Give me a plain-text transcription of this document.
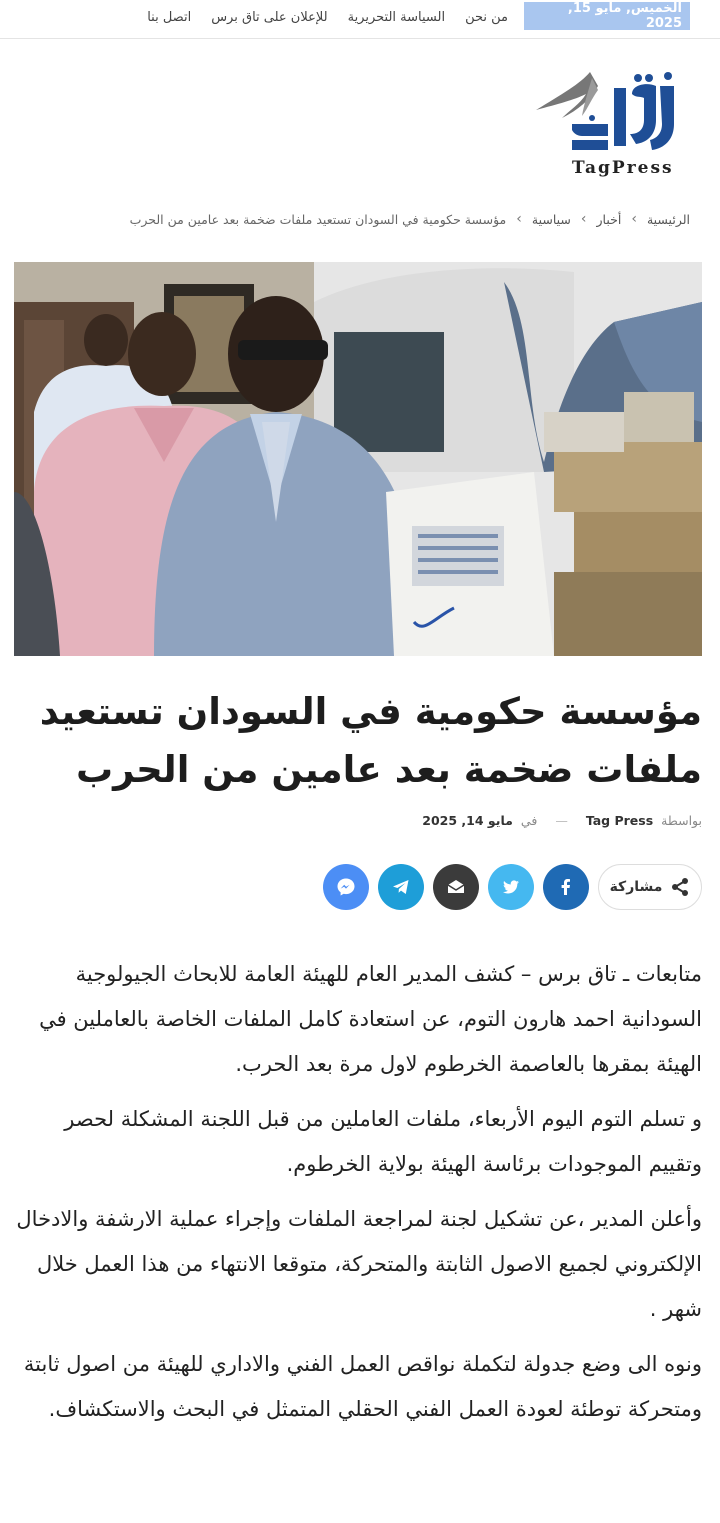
الخميس, مايو 15, 2025
من نحن
السياسة التحريرية
للإعلان على تاق برس
اتصل بنا
TagPress
الرئيسية
›
أخبار
›
سياسية
›
مؤسسة حكومية في السودان تستعيد ملفات ضخمة بعد عامين من الحرب
مؤسسة حكومية في السودان تستعيد ملفات ضخمة بعد عامين من الحرب
بواسطة
Tag Press
—
في
مايو 14, 2025
مشاركة

متابعات ـ تاق برس – كشف المدير العام للهيئة العامة للابحاث الجيولوجية السودانية احمد هارون التوم، عن استعادة كامل الملفات الخاصة بالعاملين في الهيئة بمقرها بالعاصمة الخرطوم لاول مرة بعد الحرب.

و تسلم التوم اليوم الأربعاء، ملفات العاملين من قبل اللجنة المشكلة لحصر وتقييم الموجودات برئاسة الهيئة بولاية الخرطوم.

وأعلن المدير ،عن تشكيل لجنة لمراجعة الملفات وإجراء عملية الارشفة والادخال الإلكتروني لجميع الاصول الثابتة والمتحركة، متوقعا الانتهاء من هذا العمل خلال شهر .

ونوه الى وضع جدولة لتكملة نواقص العمل الفني والاداري للهيئة من اصول ثابتة ومتحركة توطئة لعودة العمل الفني الحقلي المتمثل في البحث والاستكشاف.
